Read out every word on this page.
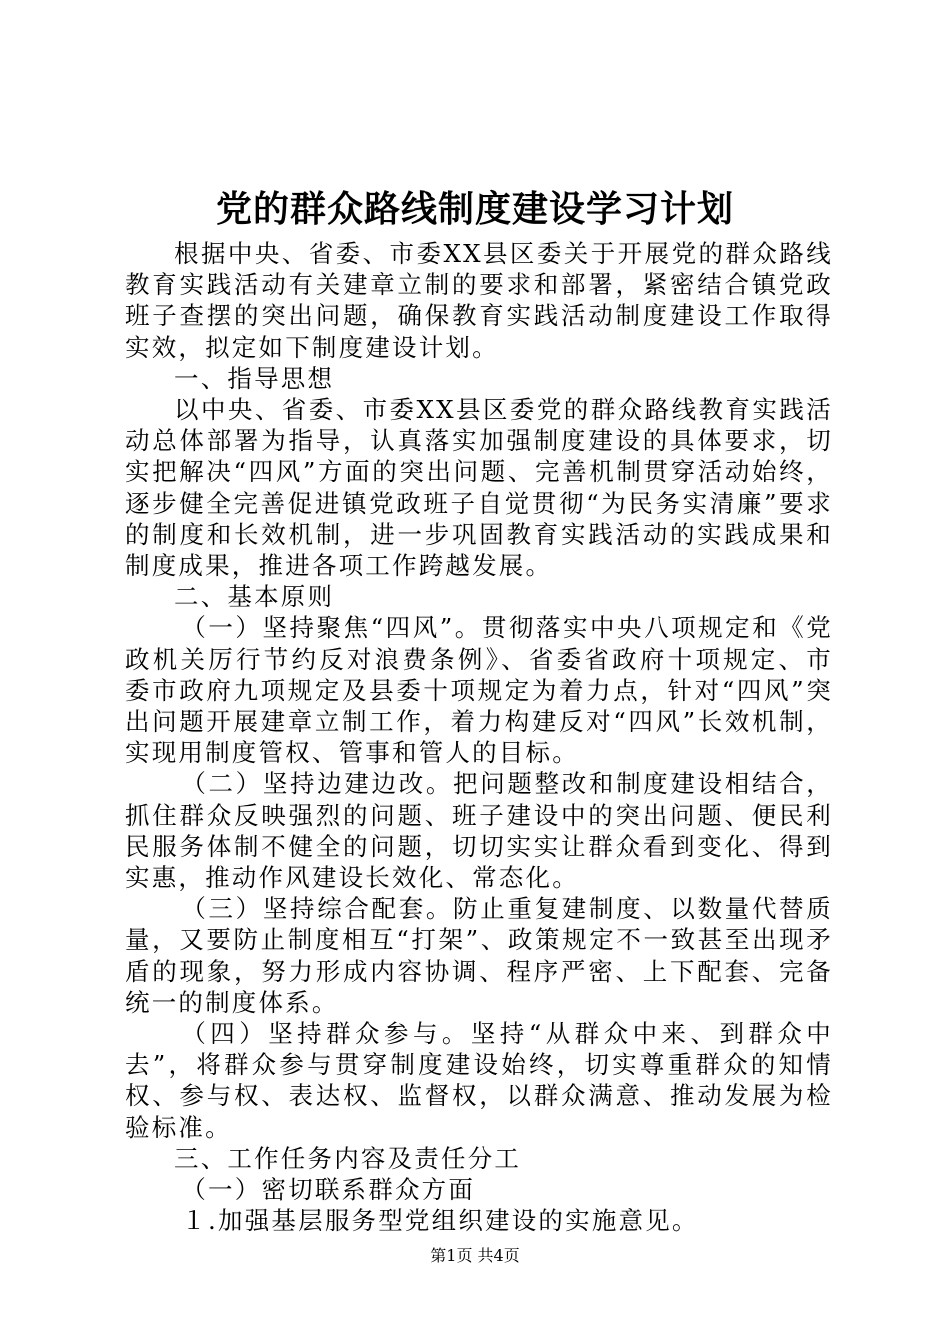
党的群众路线制度建设学习计划

根据中央、省委、市委XX县区委关于开展党的群众路线教育实践活动有关建章立制的要求和部署，紧密结合镇党政班子查摆的突出问题，确保教育实践活动制度建设工作取得实效，拟定如下制度建设计划。

一、指导思想

以中央、省委、市委XX县区委党的群众路线教育实践活动总体部署为指导，认真落实加强制度建设的具体要求，切实把解决“四风”方面的突出问题、完善机制贯穿活动始终，逐步健全完善促进镇党政班子自觉贯彻“为民务实清廉”要求的制度和长效机制，进一步巩固教育实践活动的实践成果和制度成果，推进各项工作跨越发展。

二、基本原则

（一）坚持聚焦“四风”。贯彻落实中央八项规定和《党政机关厉行节约反对浪费条例》、省委省政府十项规定、市委市政府九项规定及县委十项规定为着力点，针对“四风”突出问题开展建章立制工作，着力构建反对“四风”长效机制，实现用制度管权、管事和管人的目标。

（二）坚持边建边改。把问题整改和制度建设相结合，抓住群众反映强烈的问题、班子建设中的突出问题、便民利民服务体制不健全的问题，切切实实让群众看到变化、得到实惠，推动作风建设长效化、常态化。

（三）坚持综合配套。防止重复建制度、以数量代替质量，又要防止制度相互“打架”、政策规定不一致甚至出现矛盾的现象，努力形成内容协调、程序严密、上下配套、完备统一的制度体系。

（四）坚持群众参与。坚持“从群众中来、到群众中去”，将群众参与贯穿制度建设始终，切实尊重群众的知情权、参与权、表达权、监督权，以群众满意、推动发展为检验标准。

三、工作任务内容及责任分工

（一）密切联系群众方面

１.加强基层服务型党组织建设的实施意见。

第1页 共4页
